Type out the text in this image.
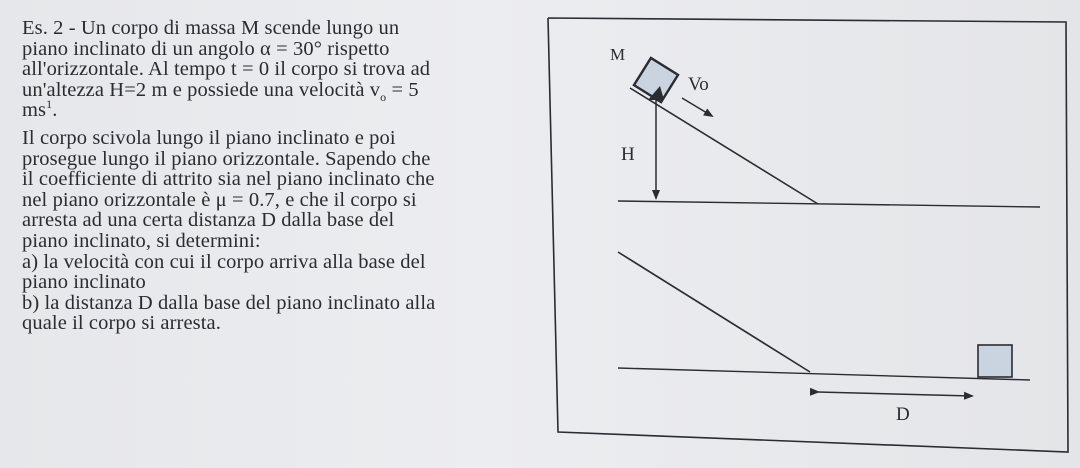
Es. 2 - Un corpo di massa M scende lungo un
piano inclinato di un angolo α = 30° rispetto
all'orizzontale. Al tempo t = 0 il corpo si trova ad
un'altezza H=2 m e possiede una velocità $v_o = 5$
$ms^1$.
Il corpo scivola lungo il piano inclinato e poi
prosegue lungo il piano orizzontale. Sapendo che
il coefficiente di attrito sia nel piano inclinato che
nel piano orizzontale è μ = 0.7, e che il corpo si
arresta ad una certa distanza D dalla base del
piano inclinato, si determini:
a) la velocità con cui il corpo arriva alla base del
piano inclinato
b) la distanza D dalla base del piano inclinato alla
quale il corpo si arresta.
M
Vo
H
D
